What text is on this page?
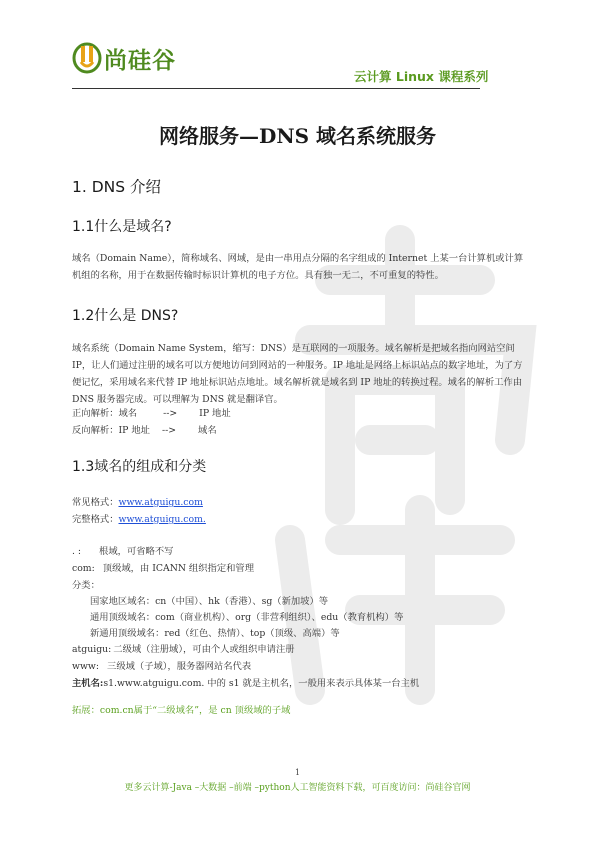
尚硅谷
云计算 Linux 课程系列
网络服务—DNS 域名系统服务
1. DNS 介绍
1.1什么是域名?
域名（Domain Name），简称域名、网域，是由一串用点分隔的名字组成的 Internet 上某一台计算机或计算机组的名称，用于在数据传输时标识计算机的电子方位。具有独一无二，不可重复的特性。
1.2什么是 DNS?
域名系统（Domain Name System，缩写：DNS）是互联网的一项服务。域名解析是把域名指向网站空间 IP，让人们通过注册的域名可以方便地访问到网站的一种服务。IP 地址是网络上标识站点的数字地址，为了方便记忆，采用域名来代替 IP 地址标识站点地址。域名解析就是域名到 IP 地址的转换过程。域名的解析工作由 DNS 服务器完成。可以理解为 DNS 就是翻译官。
正向解析：域名	--> IP 地址
反向解析：IP 地址 --> 域名
1.3域名的组成和分类
常见格式：www.atguigu.com
完整格式：www.atguigu.com.
. : 根域，可省略不写
com: 顶级域，由 ICANN 组织指定和管理
分类：
国家地区域名：cn（中国）、hk（香港）、sg（新加坡）等
通用顶级域名：com（商业机构）、org（非营利组织）、edu（教育机构）等
新通用顶级域名：red（红色、热情）、top（顶级、高端）等
atguigu: 二级域（注册域），可由个人或组织申请注册
www: 三级域（子域），服务器网站名代表
主机名:s1.www.atguigu.com. 中的 s1 就是主机名，一般用来表示具体某一台主机
拓展：com.cn属于“二级域名”，是 cn 顶级域的子域
1
更多云计算-Java –大数据 –前端 –python人工智能资料下载，可百度访问：尚硅谷官网
